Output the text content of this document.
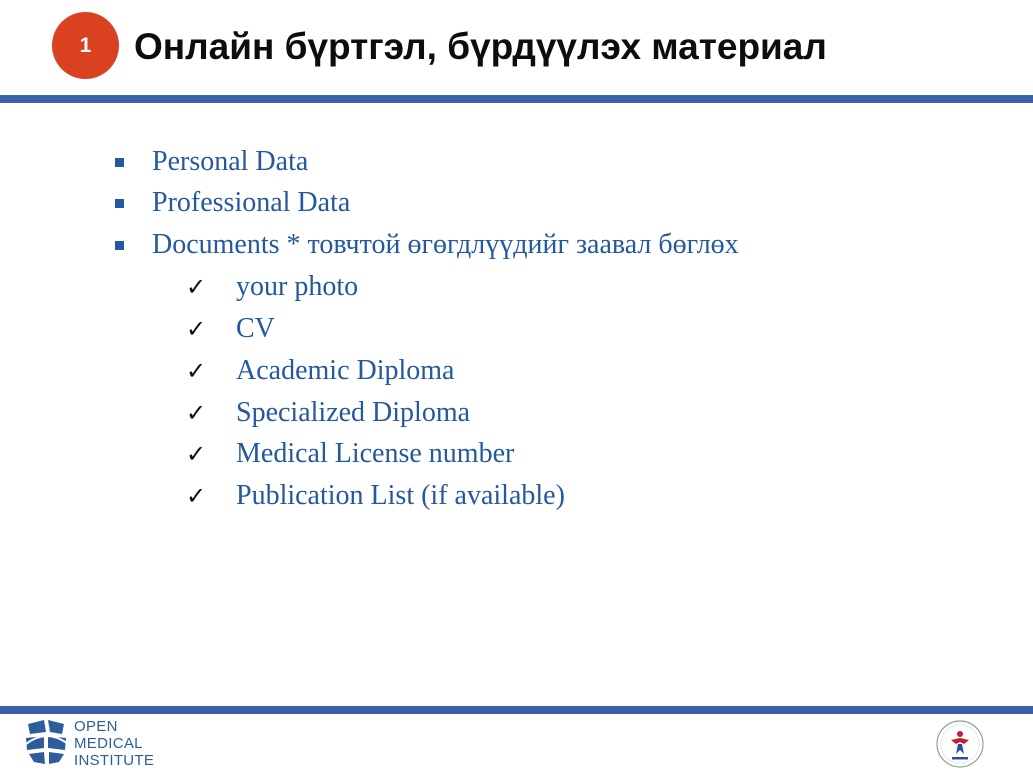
1 Онлайн бүртгэл, бүрдүүлэх материал
Personal Data
Professional Data
Documents * товчтой өгөгдлүүдийг заавал бөглөх
✓ your photo
✓ CV
✓ Academic Diploma
✓ Specialized Diploma
✓ Medical License number
✓ Publication List (if available)
OPEN
MEDICAL
INSTITUTE
